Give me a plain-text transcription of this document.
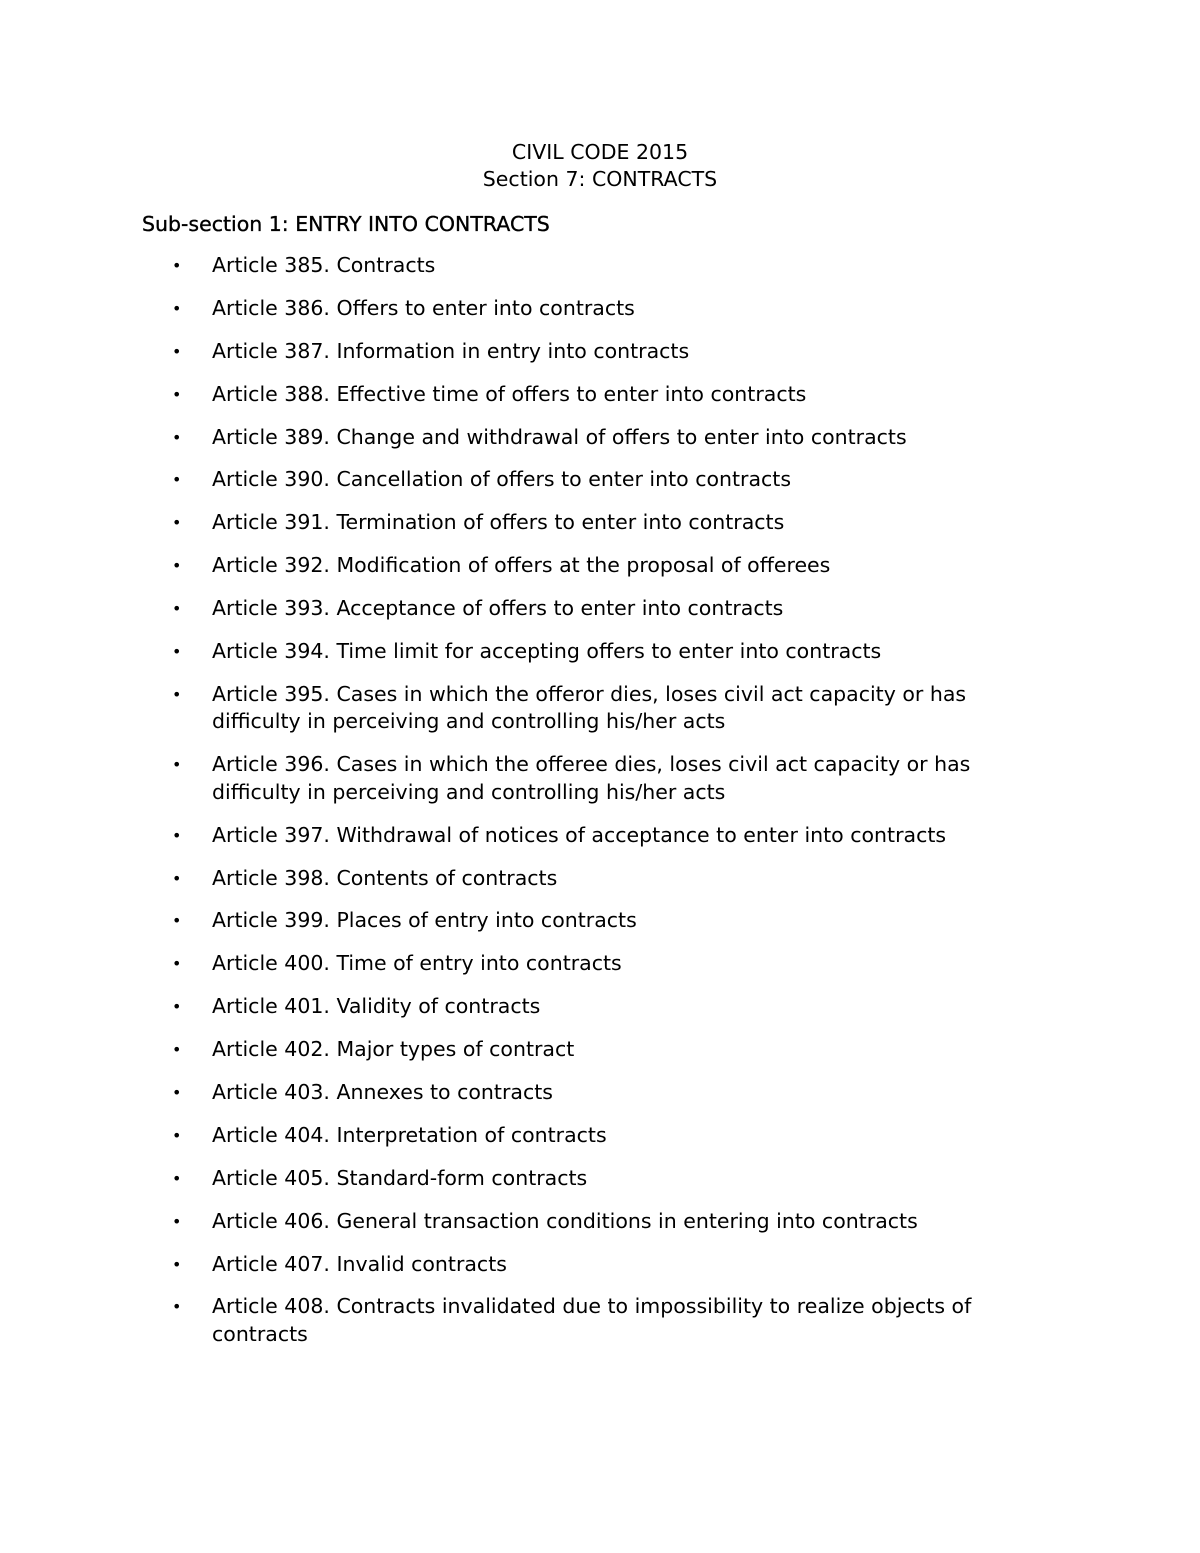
CIVIL CODE 2015
Section 7: CONTRACTS
Sub-section 1: ENTRY INTO CONTRACTS
• Article 385. Contracts
• Article 386. Offers to enter into contracts
• Article 387. Information in entry into contracts
• Article 388. Effective time of offers to enter into contracts
• Article 389. Change and withdrawal of offers to enter into contracts
• Article 390. Cancellation of offers to enter into contracts
• Article 391. Termination of offers to enter into contracts
• Article 392. Modification of offers at the proposal of offerees
• Article 393. Acceptance of offers to enter into contracts
• Article 394. Time limit for accepting offers to enter into contracts
• Article 395. Cases in which the offeror dies, loses civil act capacity or has difficulty in perceiving and controlling his/her acts
• Article 396. Cases in which the offeree dies, loses civil act capacity or has difficulty in perceiving and controlling his/her acts
• Article 397. Withdrawal of notices of acceptance to enter into contracts
• Article 398. Contents of contracts
• Article 399. Places of entry into contracts
• Article 400. Time of entry into contracts
• Article 401. Validity of contracts
• Article 402. Major types of contract
• Article 403. Annexes to contracts
• Article 404. Interpretation of contracts
• Article 405. Standard-form contracts
• Article 406. General transaction conditions in entering into contracts
• Article 407. Invalid contracts
• Article 408. Contracts invalidated due to impossibility to realize objects of contracts
